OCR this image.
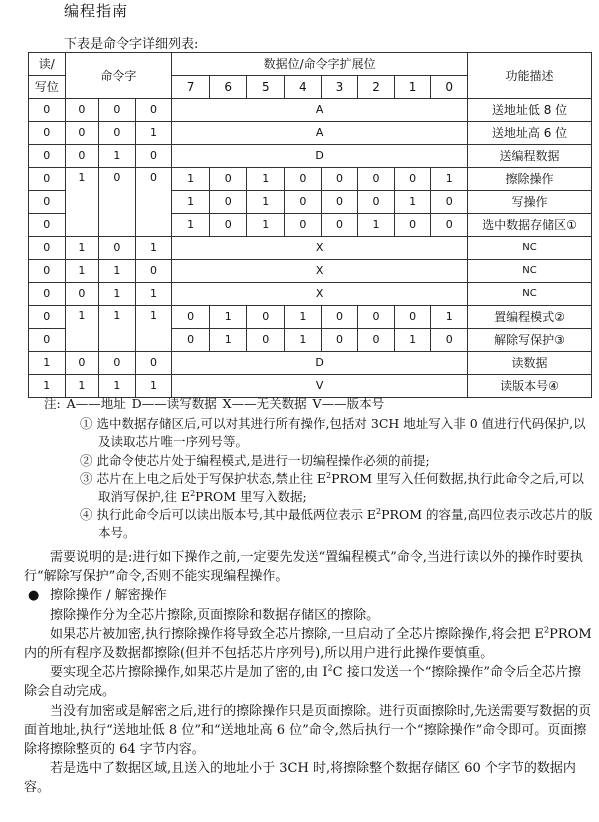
编程指南
下表是命令字详细列表:
读/	命令字			数据位/命令字扩展位								功能描述
写位				7	6	5	4	3	2	1	0	
0	0	0	0	A								送地址低 8 位
0	0	0	1	A								送地址高 6 位
0	0	1	0	D								送编程数据
0	1	0	0	1	0	1	0	0	0	0	1	擦除操作
0				1	0	1	0	0	0	1	0	写操作
0				1	0	1	0	0	1	0	0	选中数据存储区①
0	1	0	1	X								NC
0	1	1	0	X								NC
0	0	1	1	X								NC
0	1	1	1	0	1	0	1	0	0	0	1	置编程模式②
0				0	1	0	1	0	0	1	0	解除写保护③
1	0	0	0	D								读数据
1	1	1	1	V								读版本号④

注: A——地址 D——读写数据 X——无关数据 V——版本号

① 选中数据存储区后,可以对其进行所有操作,包括对 3CH 地址写入非 0 值进行代码保护,以及读取芯片唯一序列号等。

② 此命令使芯片处于编程模式,是进行一切编程操作必须的前提;

③ 芯片在上电之后处于写保护状态,禁止往 $E^2PROM$ 里写入任何数据,执行此命令之后,可以取消写保护,往 $E^2PROM$ 里写入数据;

④ 执行此命令后可以读出版本号,其中最低两位表示 $E^2PROM$ 的容量,高四位表示改芯片的版本号。

需要说明的是:进行如下操作之前,一定要先发送“置编程模式”命令,当进行读以外的操作时要执行“解除写保护”命令,否则不能实现编程操作。

● 擦除操作 / 解密操作

擦除操作分为全芯片擦除,页面擦除和数据存储区的擦除。

如果芯片被加密,执行擦除操作将导致全芯片擦除,一旦启动了全芯片擦除操作,将会把 $E^2PROM$ 内的所有程序及数据都擦除(但并不包括芯片序列号),所以用户进行此操作要慎重。

要实现全芯片擦除操作,如果芯片是加了密的,由 $I^2C$ 接口发送一个“擦除操作”命令后全芯片擦除会自动完成。

当没有加密或是解密之后,进行的擦除操作只是页面擦除。进行页面擦除时,先送需要写数据的页面首地址,执行“送地址低 8 位”和“送地址高 6 位”命令,然后执行一个“擦除操作”命令即可。页面擦除将擦除整页的 64 字节内容。

若是选中了数据区域,且送入的地址小于 3CH 时,将擦除整个数据存储区 60 个字节的数据内容。
